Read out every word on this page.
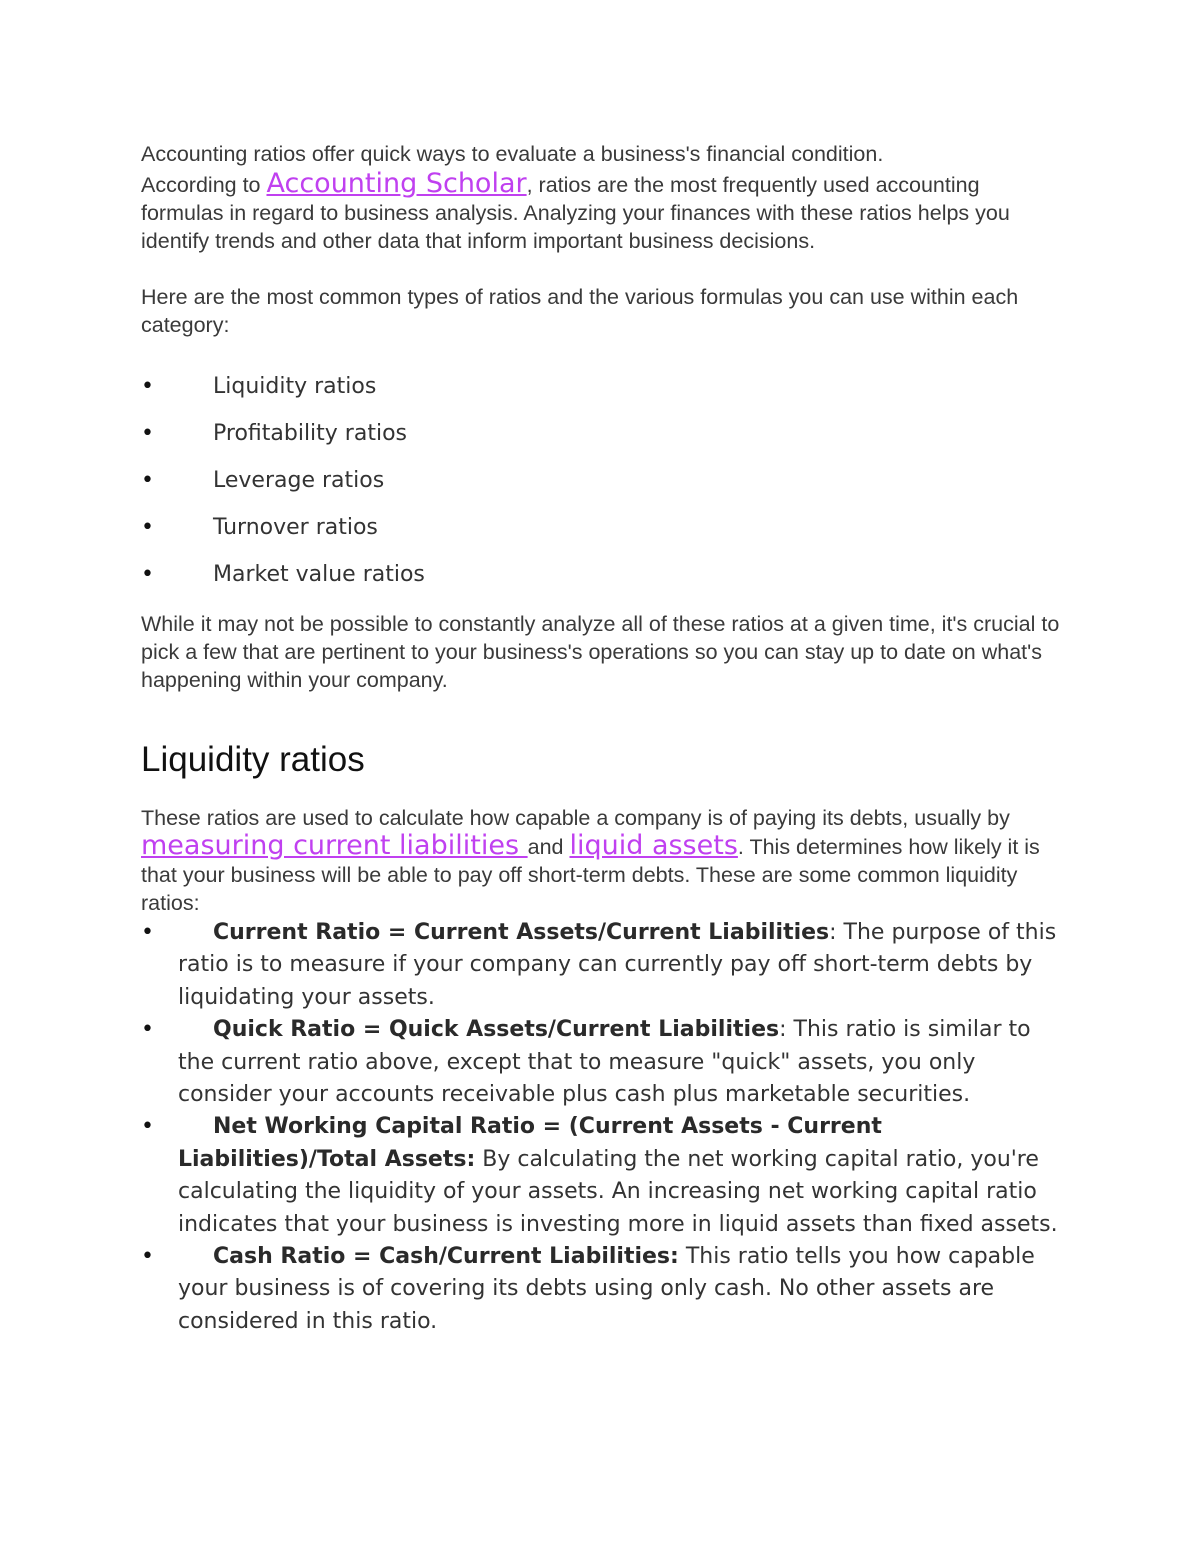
Accounting ratios offer quick ways to evaluate a business's financial condition.

According to Accounting Scholar, ratios are the most frequently used accounting formulas in regard to business analysis. Analyzing your finances with these ratios helps you identify trends and other data that inform important business decisions.

Here are the most common types of ratios and the various formulas you can use within each category:

•	Liquidity ratios
•	Profitability ratios
•	Leverage ratios
•	Turnover ratios
•	Market value ratios

While it may not be possible to constantly analyze all of these ratios at a given time, it's crucial to pick a few that are pertinent to your business's operations so you can stay up to date on what's happening within your company.

Liquidity ratios

These ratios are used to calculate how capable a company is of paying its debts, usually by measuring current liabilities and liquid assets. This determines how likely it is that your business will be able to pay off short-term debts. These are some common liquidity ratios:

•	Current Ratio = Current Assets/Current Liabilities: The purpose of this ratio is to measure if your company can currently pay off short-term debts by liquidating your assets.
•	Quick Ratio = Quick Assets/Current Liabilities: This ratio is similar to the current ratio above, except that to measure "quick" assets, you only consider your accounts receivable plus cash plus marketable securities.
•	Net Working Capital Ratio = (Current Assets - Current Liabilities)/Total Assets: By calculating the net working capital ratio, you're calculating the liquidity of your assets. An increasing net working capital ratio indicates that your business is investing more in liquid assets than fixed assets.
•	Cash Ratio = Cash/Current Liabilities: This ratio tells you how capable your business is of covering its debts using only cash. No other assets are considered in this ratio.
